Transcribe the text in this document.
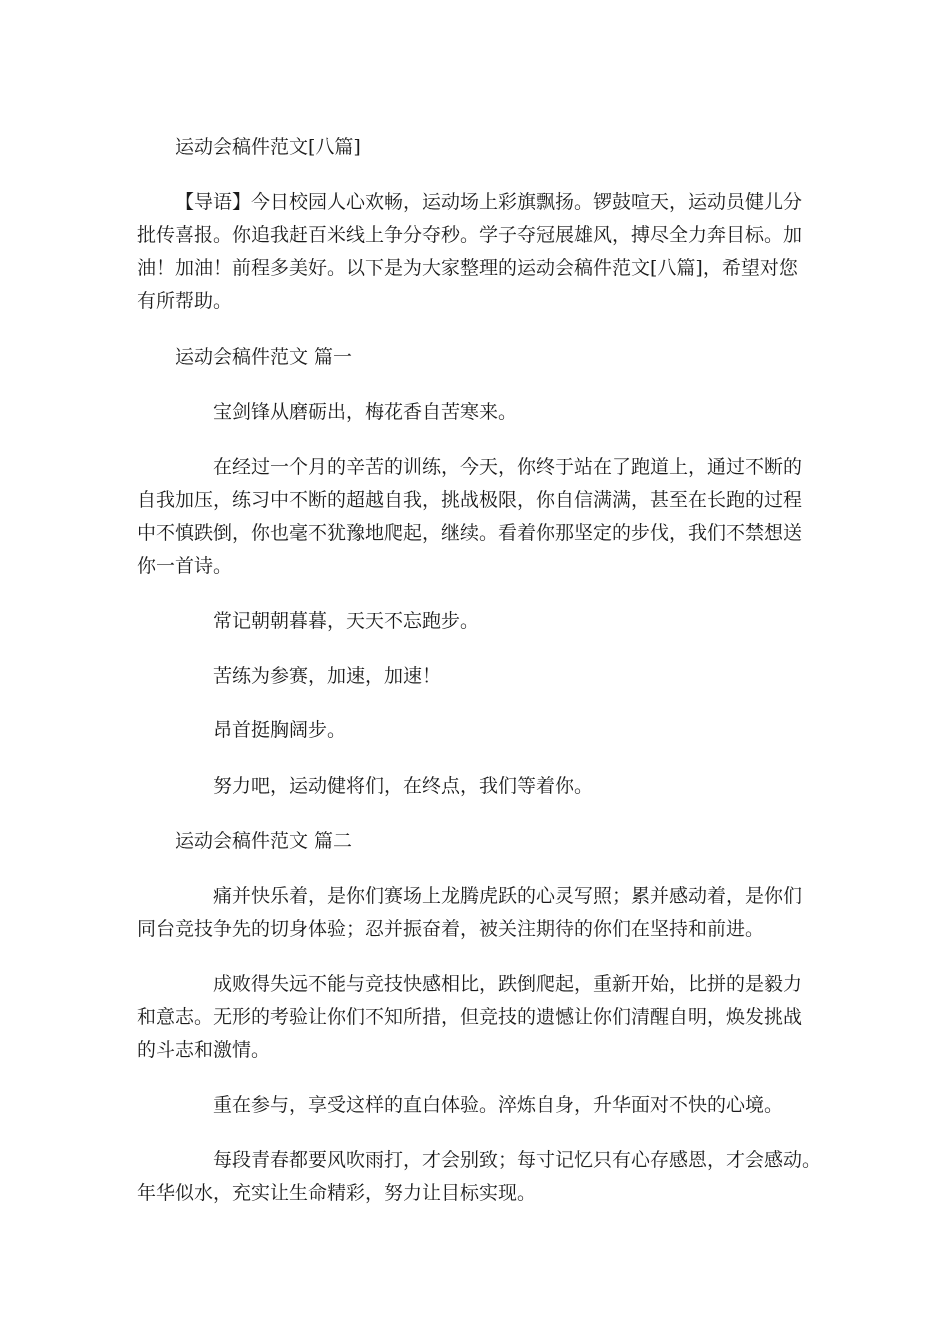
运动会稿件范文[八篇]
【导语】今日校园人心欢畅，运动场上彩旗飘扬。锣鼓喧天，运动员健儿分
批传喜报。你追我赶百米线上争分夺秒。学子夺冠展雄风，搏尽全力奔目标。加
油！加油！前程多美好。以下是为大家整理的运动会稿件范文[八篇]，希望对您
有所帮助。
运动会稿件范文 篇一
宝剑锋从磨砺出，梅花香自苦寒来。
在经过一个月的辛苦的训练，今天，你终于站在了跑道上，通过不断的
自我加压，练习中不断的超越自我，挑战极限，你自信满满，甚至在长跑的过程
中不慎跌倒，你也毫不犹豫地爬起，继续。看着你那坚定的步伐，我们不禁想送
你一首诗。
常记朝朝暮暮，天天不忘跑步。
苦练为参赛，加速，加速！
昂首挺胸阔步。
努力吧，运动健将们，在终点，我们等着你。
运动会稿件范文 篇二
痛并快乐着，是你们赛场上龙腾虎跃的心灵写照；累并感动着，是你们
同台竞技争先的切身体验；忍并振奋着，被关注期待的你们在坚持和前进。
成败得失远不能与竞技快感相比，跌倒爬起，重新开始，比拼的是毅力
和意志。无形的考验让你们不知所措，但竞技的遗憾让你们清醒自明，焕发挑战
的斗志和激情。
重在参与，享受这样的直白体验。淬炼自身，升华面对不快的心境。
每段青春都要风吹雨打，才会别致；每寸记忆只有心存感恩，才会感动。
年华似水，充实让生命精彩，努力让目标实现。
